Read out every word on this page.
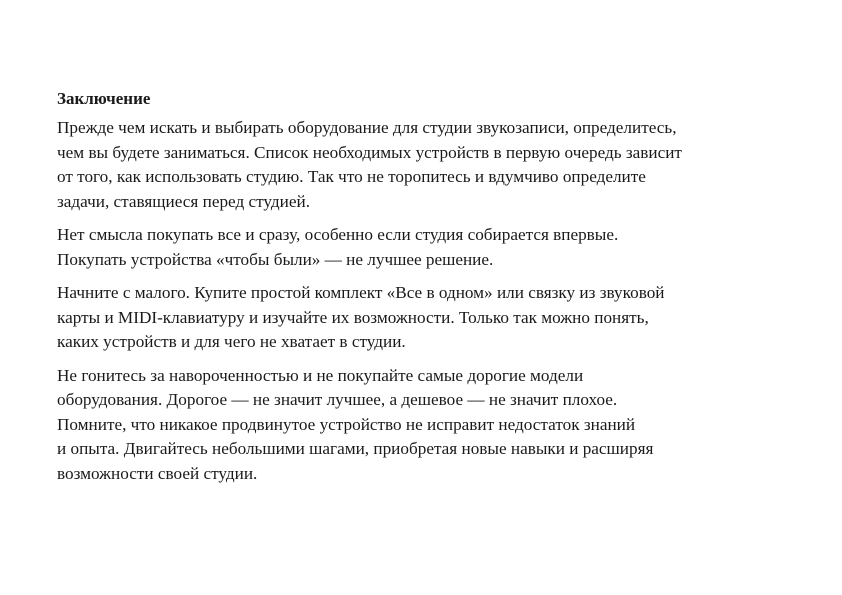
Заключение
Прежде чем искать и выбирать оборудование для студии звукозаписи, определитесь,
чем вы будете заниматься. Список необходимых устройств в первую очередь зависит
от того, как использовать студию. Так что не торопитесь и вдумчиво определите
задачи, ставящиеся перед студией.
Нет смысла покупать все и сразу, особенно если студия собирается впервые.
Покупать устройства «чтобы были» — не лучшее решение.
Начните с малого. Купите простой комплект «Все в одном» или связку из звуковой
карты и MIDI-клавиатуру и изучайте их возможности. Только так можно понять,
каких устройств и для чего не хватает в студии.
Не гонитесь за навороченностью и не покупайте самые дорогие модели
оборудования. Дорогое — не значит лучшее, а дешевое — не значит плохое.
Помните, что никакое продвинутое устройство не исправит недостаток знаний
и опыта. Двигайтесь небольшими шагами, приобретая новые навыки и расширяя
возможности своей студии.
